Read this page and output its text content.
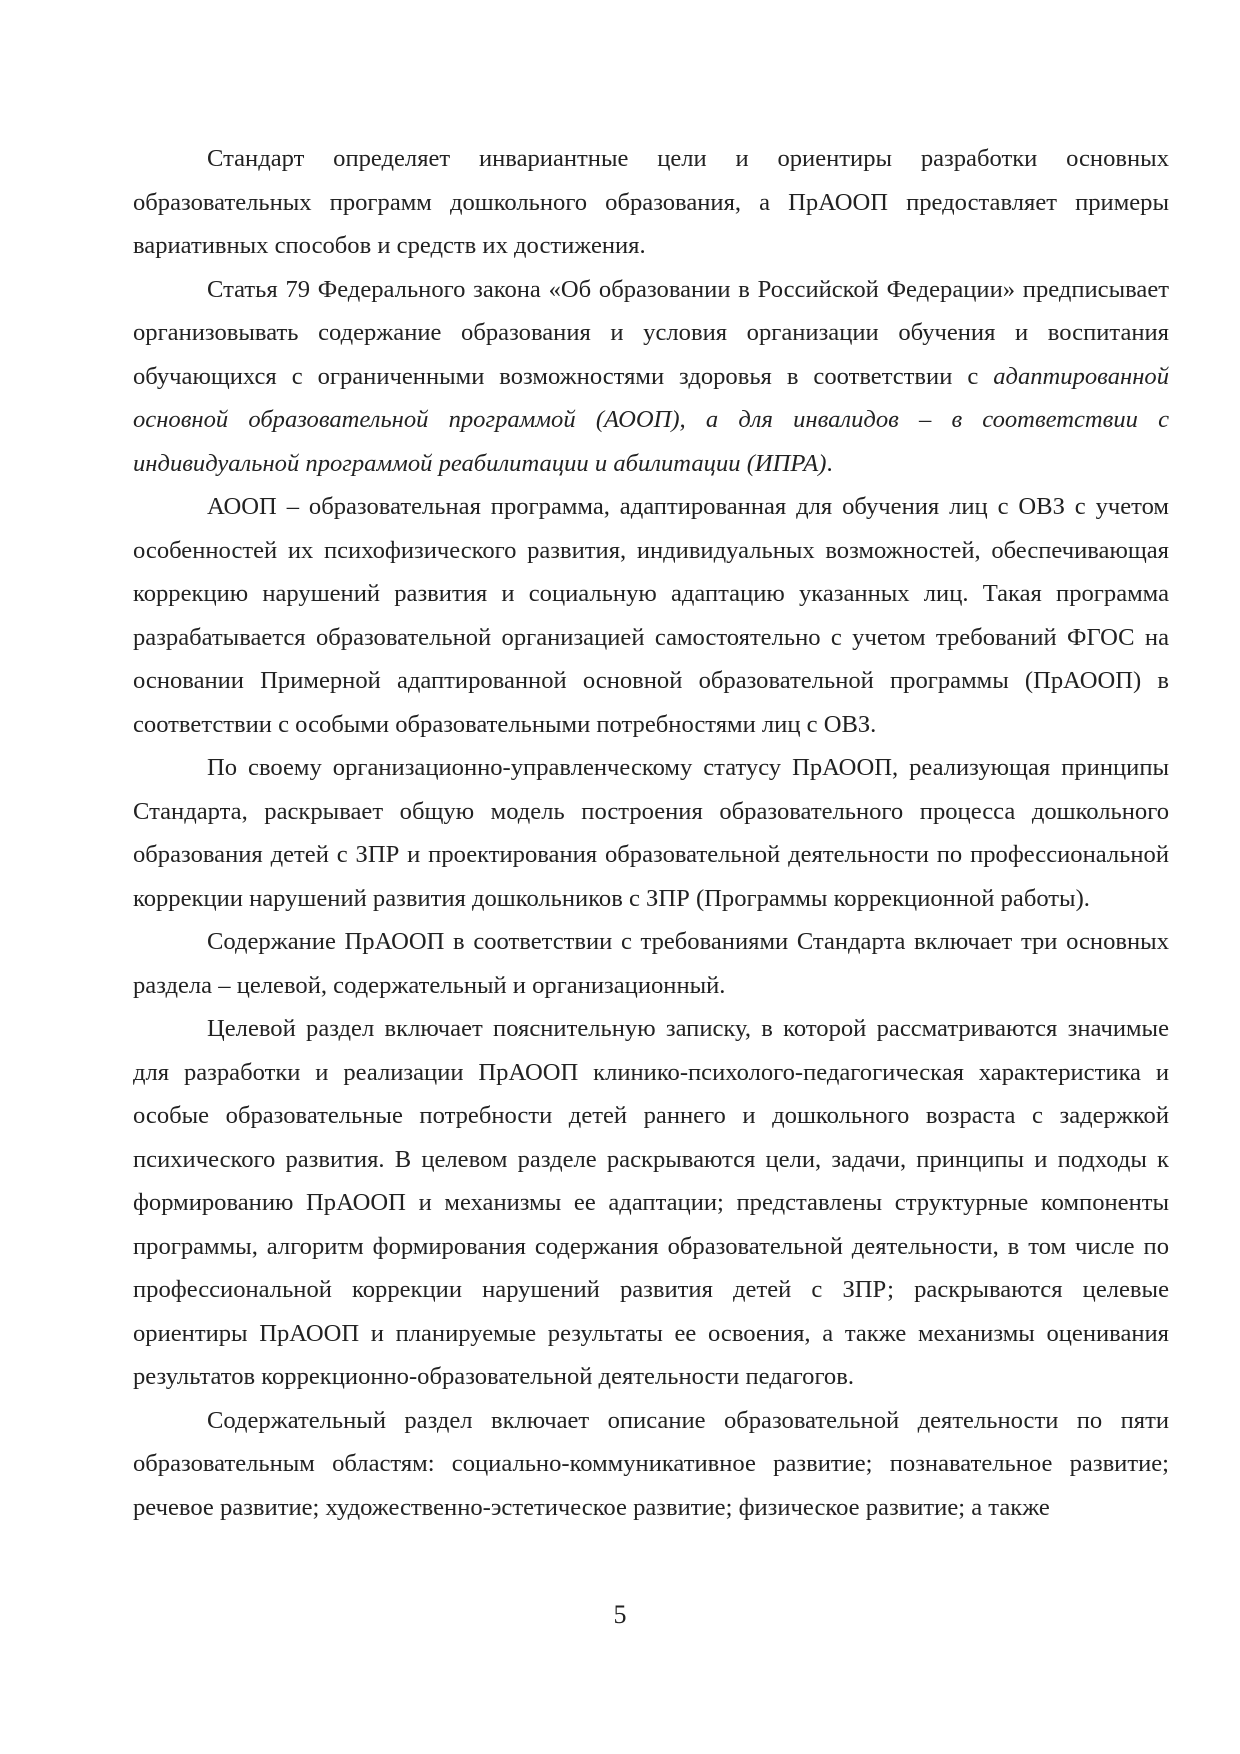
Стандарт определяет инвариантные цели и ориентиры разработки основных образовательных программ дошкольного образования, а ПрАООП предоставляет примеры вариативных способов и средств их достижения.

Статья 79 Федерального закона «Об образовании в Российской Федерации» предписывает организовывать содержание образования и условия организации обучения и воспитания обучающихся с ограниченными возможностями здоровья в соответствии с адаптированной основной образовательной программой (АООП), а для инвалидов – в соответствии с индивидуальной программой реабилитации и абилитации (ИПРА).

АООП – образовательная программа, адаптированная для обучения лиц с ОВЗ с учетом особенностей их психофизического развития, индивидуальных возможностей, обеспечивающая коррекцию нарушений развития и социальную адаптацию указанных лиц. Такая программа разрабатывается образовательной организацией самостоятельно с учетом требований ФГОС на основании Примерной адаптированной основной образовательной программы (ПрАООП) в соответствии с особыми образовательными потребностями лиц с ОВЗ.

По своему организационно-управленческому статусу ПрАООП, реализующая принципы Стандарта, раскрывает общую модель построения образовательного процесса дошкольного образования детей с ЗПР и проектирования образовательной деятельности по профессиональной коррекции нарушений развития дошкольников с ЗПР (Программы коррекционной работы).

Содержание ПрАООП в соответствии с требованиями Стандарта включает три основных раздела – целевой, содержательный и организационный.

Целевой раздел включает пояснительную записку, в которой рассматриваются значимые для разработки и реализации ПрАООП клинико-психолого-педагогическая характеристика и особые образовательные потребности детей раннего и дошкольного возраста с задержкой психического развития. В целевом разделе раскрываются цели, задачи, принципы и подходы к формированию ПрАООП и механизмы ее адаптации; представлены структурные компоненты программы, алгоритм формирования содержания образовательной деятельности, в том числе по профессиональной коррекции нарушений развития детей с ЗПР; раскрываются целевые ориентиры ПрАООП и планируемые результаты ее освоения, а также механизмы оценивания результатов коррекционно-образовательной деятельности педагогов.

Содержательный раздел включает описание образовательной деятельности по пяти образовательным областям: социально-коммуникативное развитие; познавательное развитие; речевое развитие; художественно-эстетическое развитие; физическое развитие; а также

5
